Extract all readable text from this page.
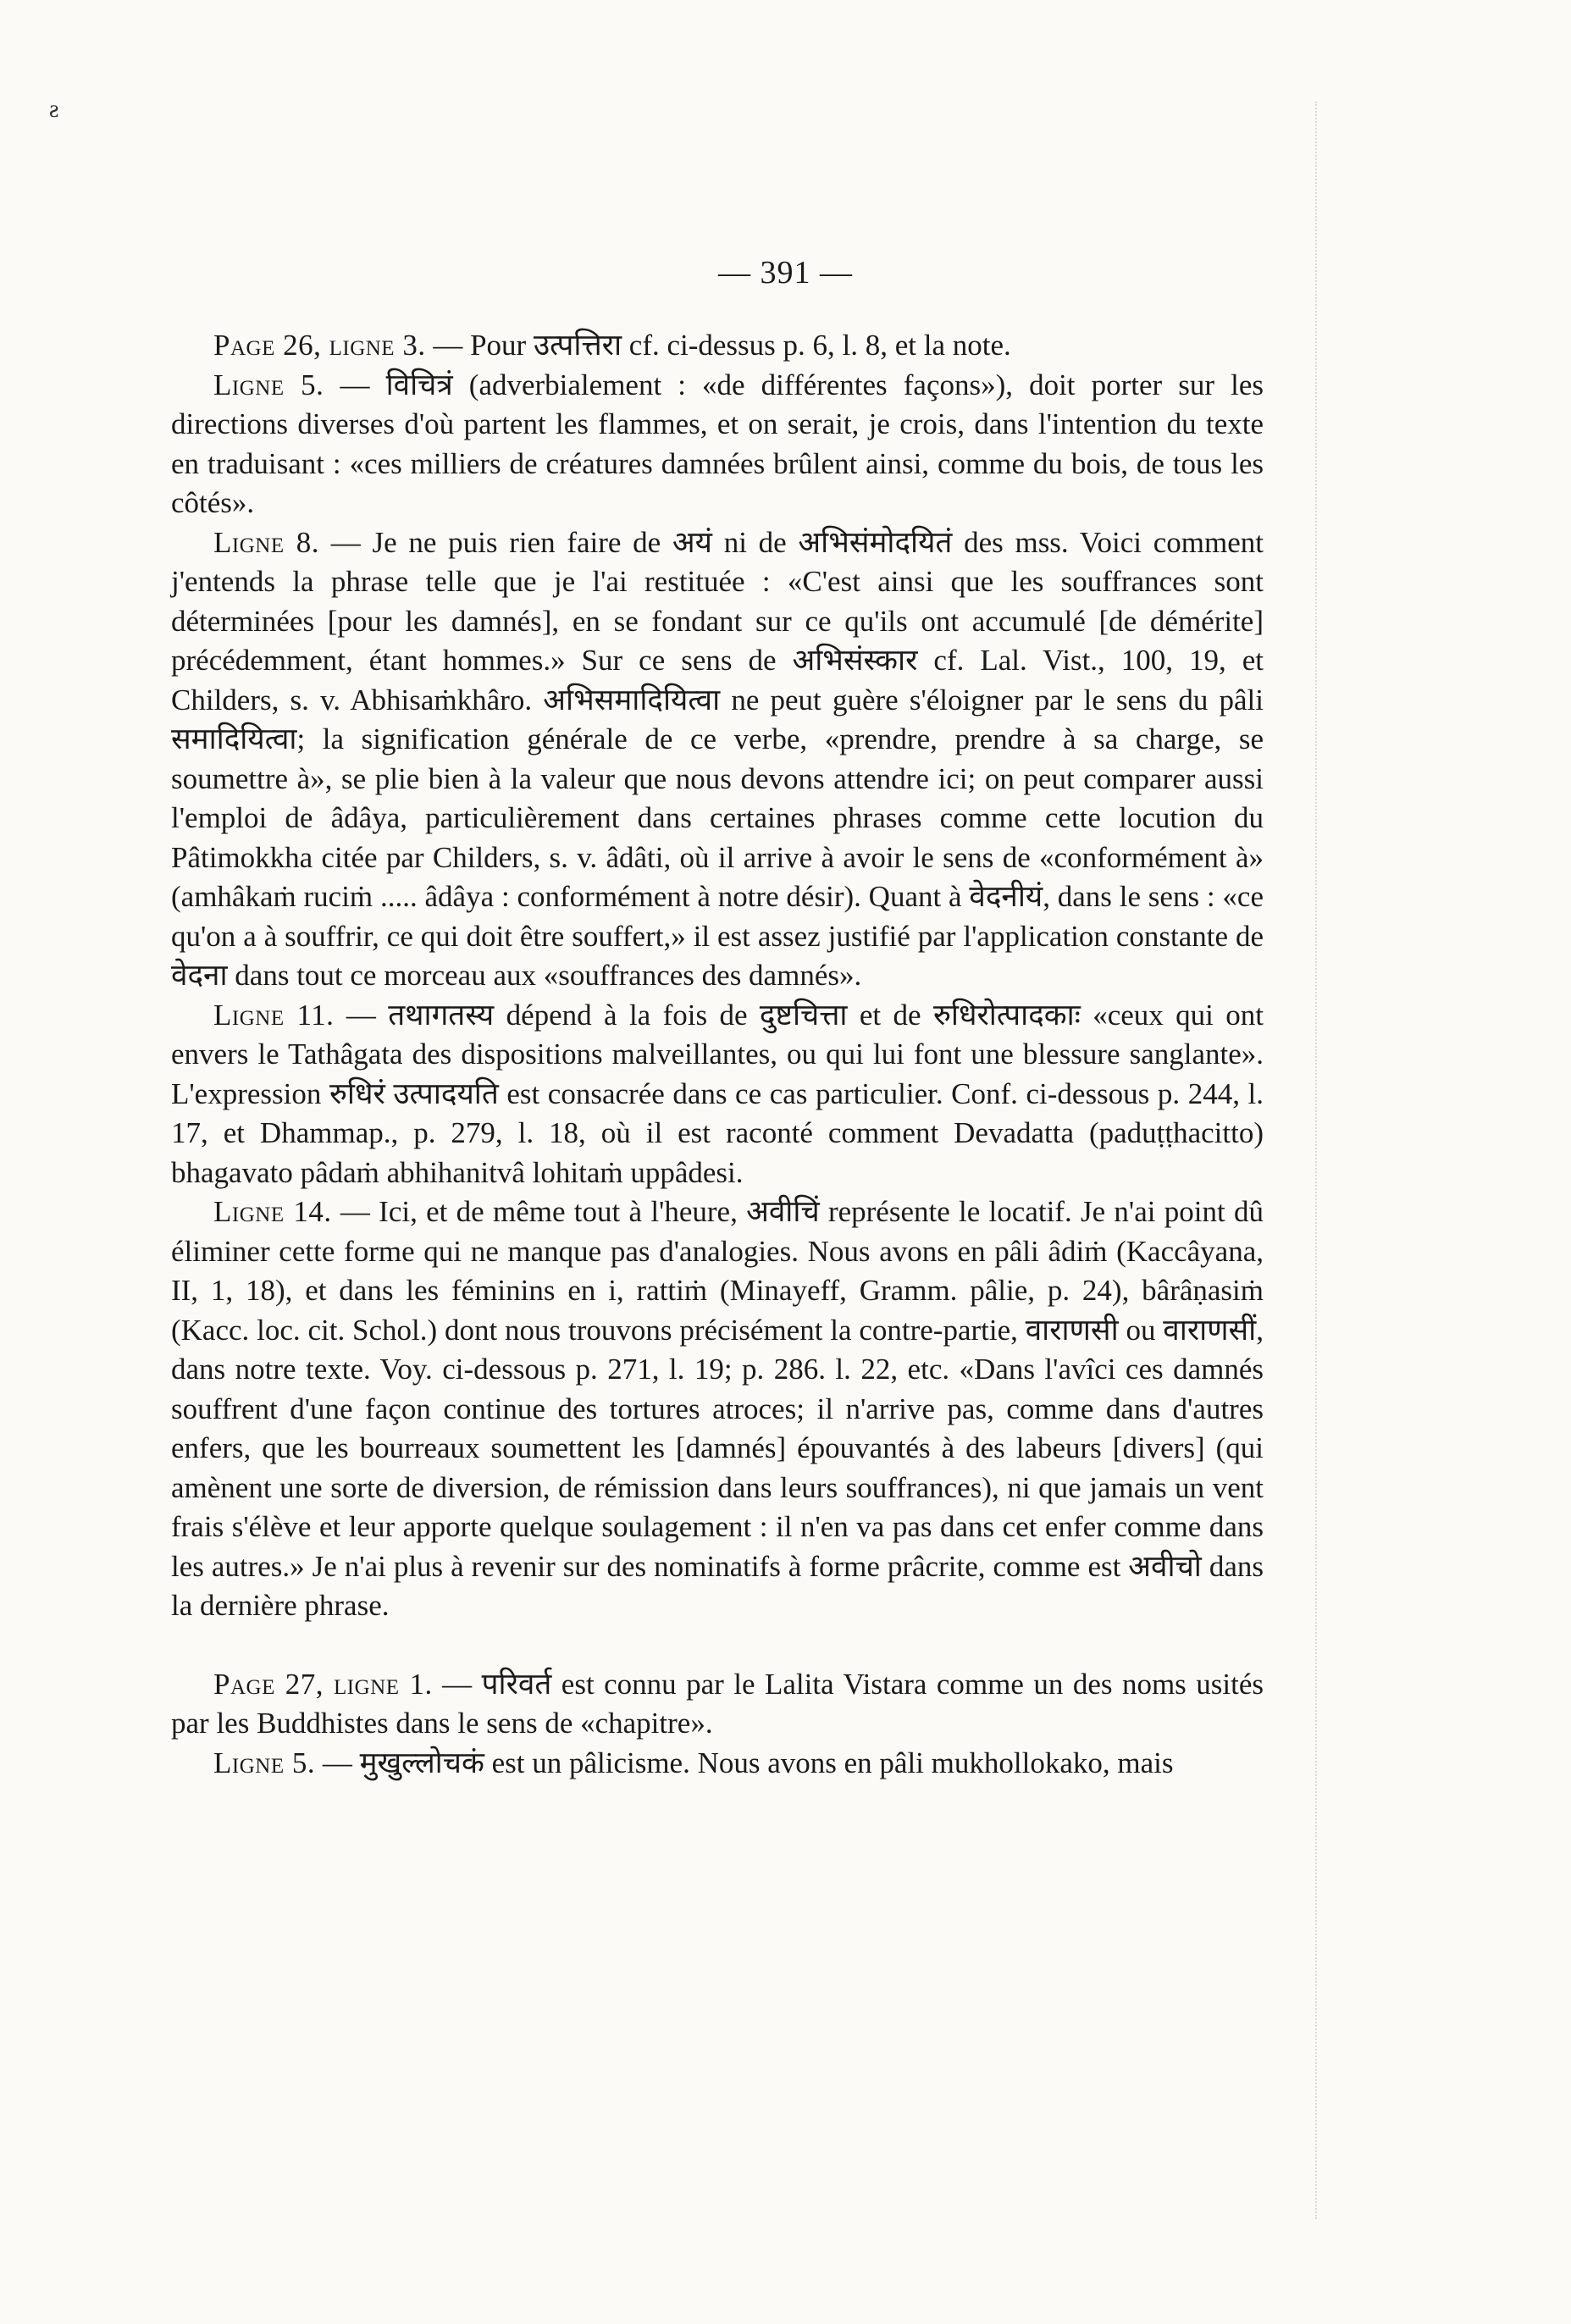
ƨ
— 391 —

Page 26, ligne 3. — Pour उत्पत्तिरा cf. ci-dessus p. 6, l. 8, et la note.

Ligne 5. — विचित्रं (adverbialement : «de différentes façons»), doit porter sur les directions diverses d'où partent les flammes, et on serait, je crois, dans l'intention du texte en traduisant : «ces milliers de créatures damnées brûlent ainsi, comme du bois, de tous les côtés».

Ligne 8. — Je ne puis rien faire de अयं ni de अभिसंमोदयितं des mss. Voici comment j'entends la phrase telle que je l'ai restituée : «C'est ainsi que les souffrances sont déterminées [pour les damnés], en se fondant sur ce qu'ils ont accumulé [de démérite] précédemment, étant hommes.» Sur ce sens de अभिसंस्कार cf. Lal. Vist., 100, 19, et Childers, s. v. Abhisaṁkhâro. अभिसमादियित्वा ne peut guère s'éloigner par le sens du pâli समादियित्वा; la signification générale de ce verbe, «prendre, prendre à sa charge, se soumettre à», se plie bien à la valeur que nous devons attendre ici; on peut comparer aussi l'emploi de âdâya, particulièrement dans certaines phrases comme cette locution du Pâtimokkha citée par Childers, s. v. âdâti, où il arrive à avoir le sens de «conformément à» (amhâkaṁ ruciṁ ..... âdâya : conformément à notre désir). Quant à वेदनीयं, dans le sens : «ce qu'on a à souffrir, ce qui doit être souffert,» il est assez justifié par l'application constante de वेदना dans tout ce morceau aux «souffrances des damnés».

Ligne 11. — तथागतस्य dépend à la fois de दुष्टचित्ता et de रुधिरोत्पादकाः «ceux qui ont envers le Tathâgata des dispositions malveillantes, ou qui lui font une blessure sanglante». L'expression रुधिरं उत्पादयति est consacrée dans ce cas particulier. Conf. ci-dessous p. 244, l. 17, et Dhammap., p. 279, l. 18, où il est raconté comment Devadatta (paduṭṭhacitto) bhagavato pâdaṁ abhihanitvâ lohitaṁ uppâdesi.

Ligne 14. — Ici, et de même tout à l'heure, अवीचिं représente le locatif. Je n'ai point dû éliminer cette forme qui ne manque pas d'analogies. Nous avons en pâli âdiṁ (Kaccâyana, II, 1, 18), et dans les féminins en i, rattiṁ (Minayeff, Gramm. pâlie, p. 24), bârâṇasiṁ (Kacc. loc. cit. Schol.) dont nous trouvons précisément la contre-partie, वाराणसी ou वाराणसीं, dans notre texte. Voy. ci-dessous p. 271, l. 19; p. 286. l. 22, etc. «Dans l'avîci ces damnés souffrent d'une façon continue des tortures atroces; il n'arrive pas, comme dans d'autres enfers, que les bourreaux soumettent les [damnés] épouvantés à des labeurs [divers] (qui amènent une sorte de diversion, de rémission dans leurs souffrances), ni que jamais un vent frais s'élève et leur apporte quelque soulagement : il n'en va pas dans cet enfer comme dans les autres.» Je n'ai plus à revenir sur des nominatifs à forme prâcrite, comme est अवीचो dans la dernière phrase.

Page 27, ligne 1. — परिवर्त est connu par le Lalita Vistara comme un des noms usités par les Buddhistes dans le sens de «chapitre».

Ligne 5. — मुखुल्लोचकं est un pâlicisme. Nous avons en pâli mukhollokako, mais
